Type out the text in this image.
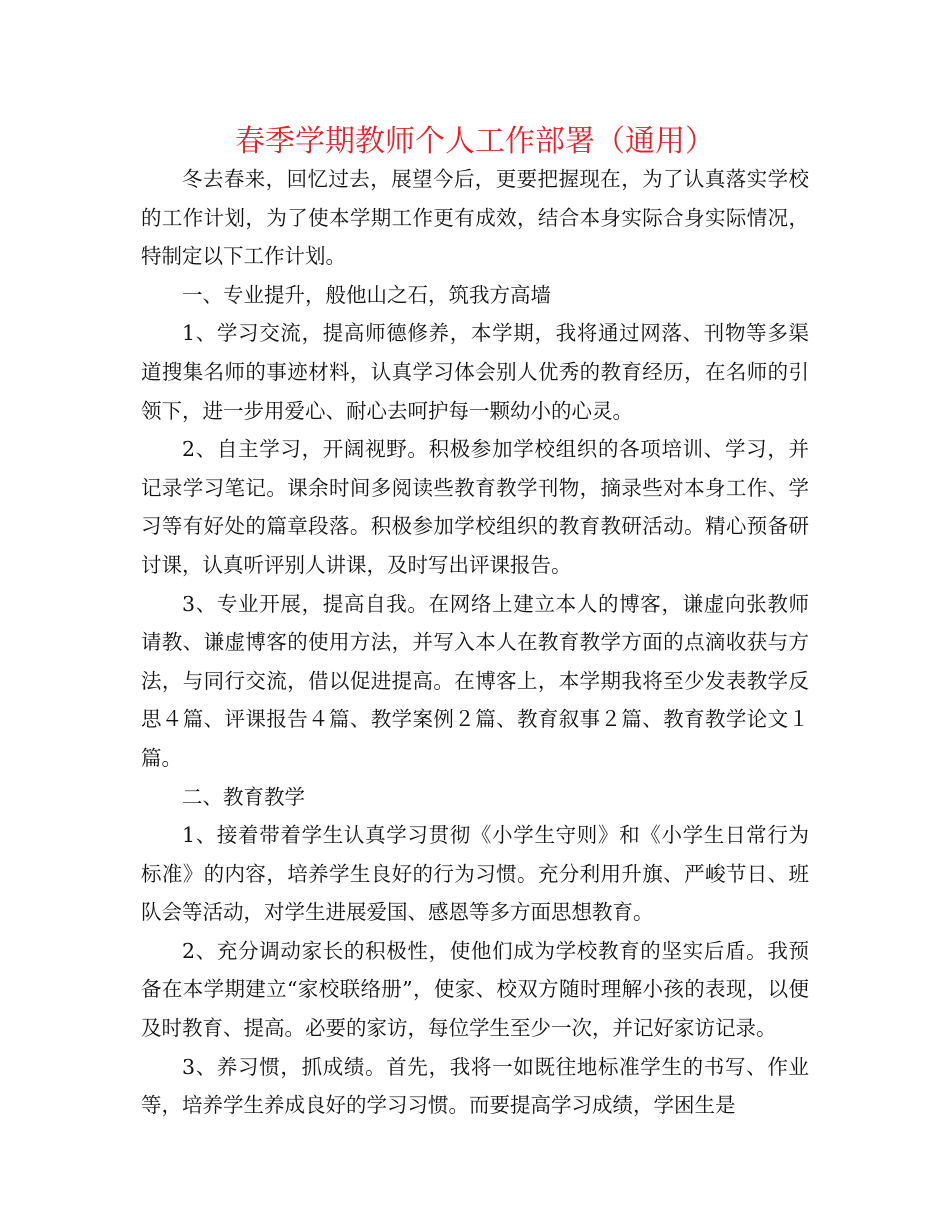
春季学期教师个人工作部署（通用）

冬去春来，回忆过去，展望今后，更要把握现在，为了认真落实学校的工作计划，为了使本学期工作更有成效，结合本身实际合身实际情况，特制定以下工作计划。

一、专业提升，般他山之石，筑我方高墙

1、学习交流，提高师德修养，本学期，我将通过网落、刊物等多渠道搜集名师的事迹材料，认真学习体会别人优秀的教育经历，在名师的引领下，进一步用爱心、耐心去呵护每一颗幼小的心灵。

2、自主学习，开阔视野。积极参加学校组织的各项培训、学习，并记录学习笔记。课余时间多阅读些教育教学刊物，摘录些对本身工作、学习等有好处的篇章段落。积极参加学校组织的教育教研活动。精心预备研讨课，认真听评别人讲课，及时写出评课报告。

3、专业开展，提高自我。在网络上建立本人的博客，谦虚向张教师请教、谦虚博客的使用方法，并写入本人在教育教学方面的点滴收获与方法，与同行交流，借以促进提高。在博客上，本学期我将至少发表教学反思４篇、评课报告４篇、教学案例２篇、教育叙事２篇、教育教学论文１篇。

二、教育教学

1、接着带着学生认真学习贯彻《小学生守则》和《小学生日常行为标准》的内容，培养学生良好的行为习惯。充分利用升旗、严峻节日、班队会等活动，对学生进展爱国、感恩等多方面思想教育。

2、充分调动家长的积极性，使他们成为学校教育的坚实后盾。我预备在本学期建立“家校联络册”，使家、校双方随时理解小孩的表现，以便及时教育、提高。必要的家访，每位学生至少一次，并记好家访记录。

3、养习惯，抓成绩。首先，我将一如既往地标准学生的书写、作业等，培养学生养成良好的学习习惯。而要提高学习成绩，学困生是
